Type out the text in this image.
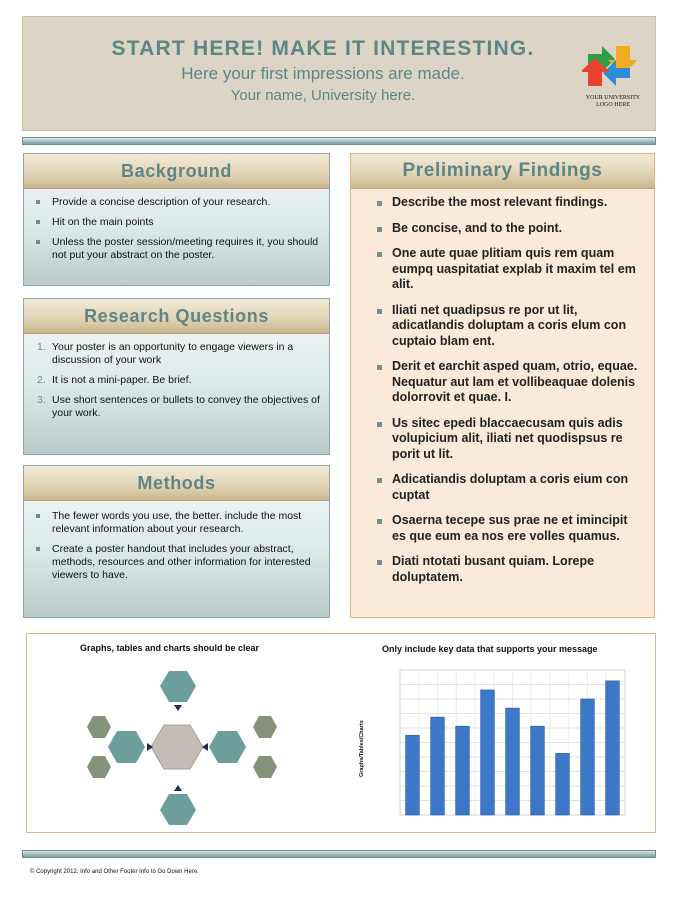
START HERE! MAKE IT INTERESTING.
Here your first impressions are made.
Your name, University here.	YOUR UNIVERSITY
LOGO HERE
Background
Provide a concise description of your research.
Hit on the main points
Unless the poster session/meeting requires it, you should not put your abstract on the poster.
Research Questions
1. Your poster is an opportunity to engage viewers in a discussion of your work
2. It is not a mini-paper. Be brief.
3. Use short sentences or bullets to convey the objectives of your work.
Methods
The fewer words you use, the better. include the most relevant information about your research.
Create a poster handout that includes your abstract, methods, resources and other information for interested viewers to have.
Preliminary Findings
Describe the most relevant findings.
Be concise, and to the point.
One aute quae plitiam quis rem quam eumpq uaspitatiat explab it maxim tel em alit.
Iliati net quadipsus re por ut lit, adicatlandis doluptam a coris elum con cuptaio blam ent.
Derit et earchit asped quam, otrio, equae. Nequatur aut lam et vollibeaquae dolenis dolorrovit et quae. I.
Us sitec epedi blaccaecusam quis adis volupicium alit, iliati net quodispsus re porit ut lit.
Adicatiandis doluptam a coris eium con cuptat
Osaerna tecepe sus prae ne et imincipit es que eum ea nos ere volles quamus.
Diati ntotati busant quiam. Lorepe doluptatem.
Graphs, tables and charts should be clear	Only include key data that supports your message
Graphs/Tables/Charts
© Copyright 2012. Info and Other Footer Info to Go Down Here.
